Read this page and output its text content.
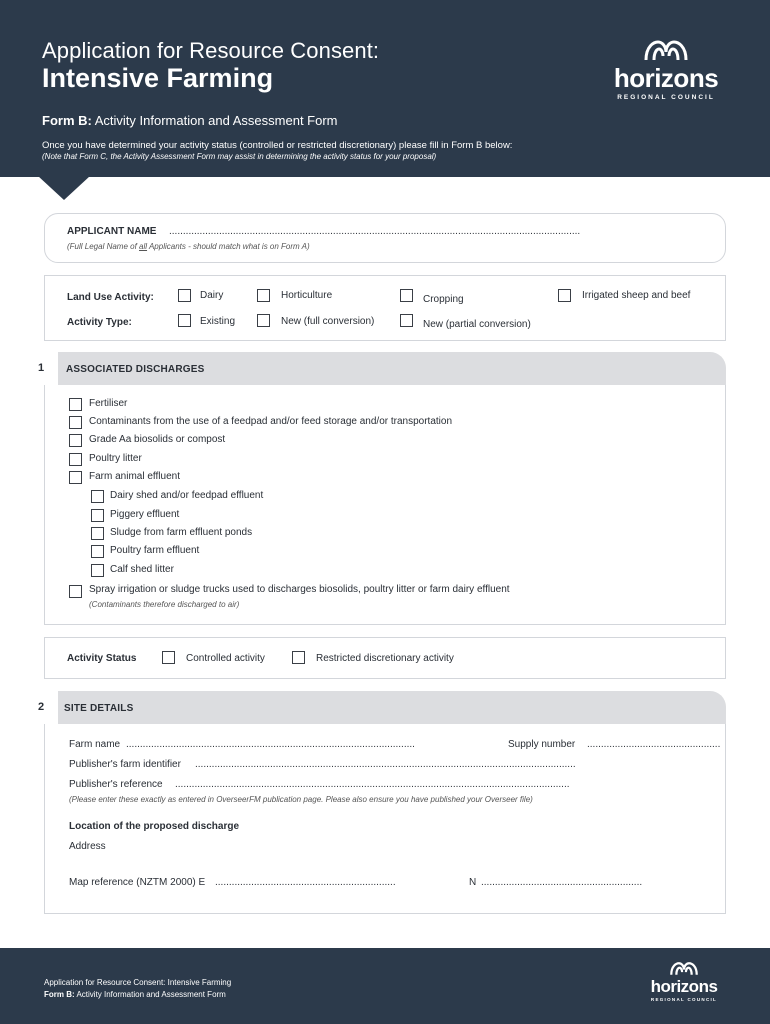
Application for Resource Consent:
Intensive Farming
Form B: Activity Information and Assessment Form
Once you have determined your activity status (controlled or restricted discretionary) please fill in Form B below:
(Note that Form C, the Activity Assessment Form may assist in determining the activity status for your proposal)
horizons
REGIONAL COUNCIL
APPLICANT NAME ....................................................................................................................................................
(Full Legal Name of all Applicants - should match what is on Form A)
Land Use Activity:	Dairy	Horticulture	Cropping	Irrigated sheep and beef
Activity Type:	Existing	New (full conversion)	New (partial conversion)
1 ASSOCIATED DISCHARGES
Fertiliser
Contaminants from the use of a feedpad and/or feed storage and/or transportation
Grade Aa biosolids or compost
Poultry litter
Farm animal effluent
Dairy shed and/or feedpad effluent
Piggery effluent
Sludge from farm effluent ponds
Poultry farm effluent
Calf shed litter
Spray irrigation or sludge trucks used to discharges biosolids, poultry litter or farm dairy effluent
(Contaminants therefore discharged to air)
Activity Status	Controlled activity	Restricted discretionary activity
2 SITE DETAILS
Farm name ........................................................................................................	Supply number ................................................
Publisher's farm identifier .........................................................................................................................................
Publisher's reference ..............................................................................................................................................
(Please enter these exactly as entered in OverseerFM publication page. Please also ensure you have published your Overseer file)
Location of the proposed discharge
Address
Map reference (NZTM 2000) E .................................................................	N ..........................................................
Application for Resource Consent: Intensive Farming
Form B: Activity Information and Assessment Form	horizons
REGIONAL COUNCIL
